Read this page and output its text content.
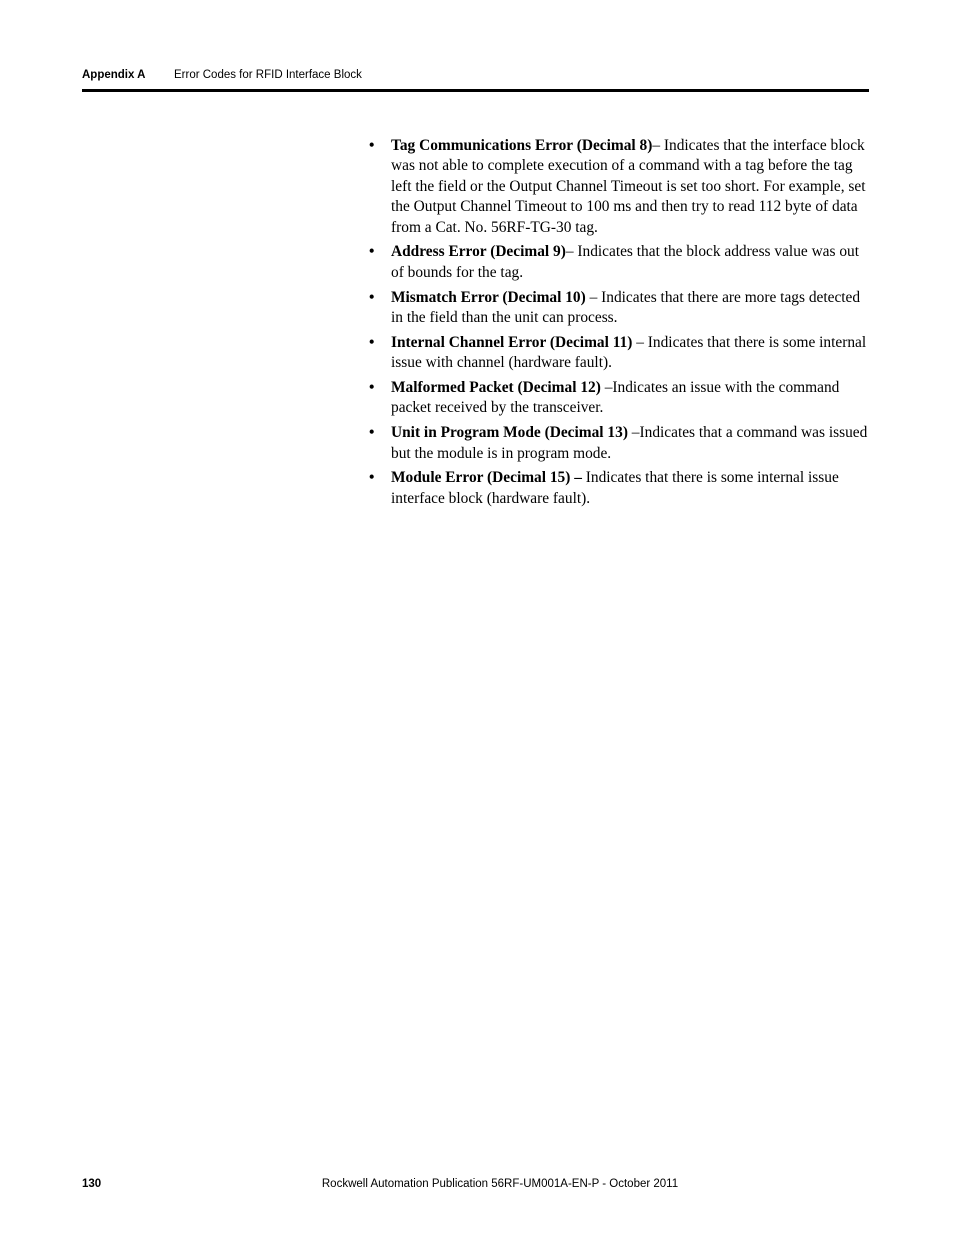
Appendix A Error Codes for RFID Interface Block
• Tag Communications Error (Decimal 8)– Indicates that the interface block was not able to complete execution of a command with a tag before the tag left the field or the Output Channel Timeout is set too short. For example, set the Output Channel Timeout to 100 ms and then try to read 112 byte of data from a Cat. No. 56RF-TG-30 tag.
• Address Error (Decimal 9)– Indicates that the block address value was out of bounds for the tag.
• Mismatch Error (Decimal 10) – Indicates that there are more tags detected in the field than the unit can process.
• Internal Channel Error (Decimal 11) – Indicates that there is some internal issue with channel (hardware fault).
• Malformed Packet (Decimal 12) –Indicates an issue with the command packet received by the transceiver.
• Unit in Program Mode (Decimal 13) –Indicates that a command was issued but the module is in program mode.
• Module Error (Decimal 15) – Indicates that there is some internal issue interface block (hardware fault).
130	Rockwell Automation Publication 56RF-UM001A-EN-P - October 2011
